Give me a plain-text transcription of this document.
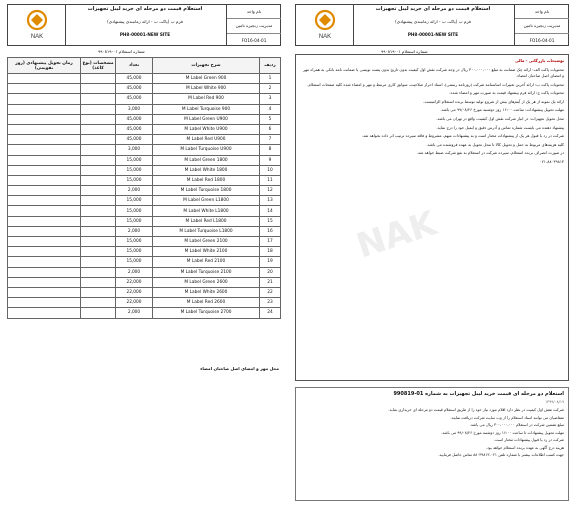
NAK
استعلام قیمت دو مرحله ای خرید لیبل تجهیزات
فرم ب (پاکت ب - ارائه زمانبندی پیشنهادی)
PH8-00001-NEW SITE
نام واحد
مدیریت زنجیره تامین
FO16-04-01
شماره استعلام ۰۱-۹۹۰۸۱۹
زمان تحویل پیشنهادی (روز تقویمی)	مشخصات (نوع کاغذ)	تعداد	شرح تجهیزات	ردیف
		45,000	M Label Green 900	1
		45,000	M Label White 900	2
		45,000	M Label Red 900	3
		3,000	M Label Turquoise 900	4
		45,000	M Label Green U900	5
		45,000	M Label White U900	6
		45,000	M Label Red U900	7
		3,000	M Label Turquoise U900	8
		15,000	M Label Green 1800	9
		15,000	M Label White 1800	10
		15,000	M Label Red 1800	11
		2,000	M Label Turquoise 1800	12
		15,000	M Label Green L1800	13
		15,000	M Label White L1800	14
		15,000	M Label Red L1800	15
		2,000	M Label Turquoise L1800	16
		15,000	M Label Green 2100	17
		15,000	M Label White 2100	18
		15,000	M Label Red 2100	19
		2,000	M Label Turquoise 2100	20
		22,000	M Label Green 2600	21
		22,000	M Label White 2600	22
		22,000	M Label Red 2600	23
		2,000	M Label Turquoise 2700	24
محل مهر و امضای اصل صاحبان امضاء
NAK
استعلام قیمت دو مرحله ای خرید لیبل تجهیزات
فرم ب (پاکت ب - ارائه زمانبندی پیشنهادی)
PH8-00001-NEW SITE
نام واحد
مدیریت زنجیره تامین
FO16-04-01
شماره استعلام ۰۱-۹۹۰۸۱۹

توضیحات بازرگانی - مالی

محتویات پاکت الف: ارائه چک ضمانت به مبلغ ۳۰۰،۰۰۰،۰۰۰ ریال در وجه شرکت نقش اول کیفیت بدون تاریخ بدون پشت نویسی یا ضمانت نامه بانکی به همراه مهر و امضای اصل صاحبان امضاء.

محتویات پاکت ب: ارائه آخرین تغییرات اساسنامه شرکت (روزنامه رسمی)، اسناد احراز صلاحیت، سوابق کاری مرتبط و مهر و امضاء شده کلیه صفحات استعلام.

محتویات پاکت ج: ارائه فرم پیشنهاد قیمت به صورت مهر و امضاء شده.

ارائه یک نمونه از هر یک از آیتم‌های بیش از شروع تولید توسط برنده استعلام الزامیست.

مهلت تحویل پیشنهادات: ساعت ۱۶:۰۰ روز دوشنبه مورخ ۹۹/۰۸/۲۶ می باشد.

محل تحویل تجهیزات: در انبار شرکت نقش اول کیفیت، واقع در تهران می باشد.

پیشنهاد دهنده می بایست شماره تماس و آدرس دقیق و ایمیل خود را درج نماید.

شرکت در رد یا قبول هر یک از پیشنهادات مختار است و به پیشنهادات مبهم، مشروط و فاقد سپرده ترتیب اثر داده نخواهد شد.

کلیه هزینه‌های مربوط به حمل و تحویل کالا تا محل تحویل به عهده فروشنده می باشد.

در صورت انصراف برنده استعلام، سپرده شرکت در استعلام به نفع شرکت ضبط خواهد شد.

۰۲۱-۸۸۰۳۹۸۱۳

NAK
استعلام دو مرحله ای قیمت خرید لیبل تجهیزات به شماره 01-990819
۱۳۹۹/۰۸/۱۹

شرکت نقش اول کیفیت در نظر دارد اقلام مورد نیاز خود را از طریق استعلام قیمت دو مرحله ای خریداری نماید.

متقاضیان می توانند اسناد استعلام را از وب سایت شرکت دریافت نمایند.

مبلغ تضمین شرکت در استعلام ۳۰۰،۰۰۰،۰۰۰ ریال می باشد.

مهلت تحویل پیشنهادات تا ساعت ۱۶:۰۰ روز دوشنبه مورخ ۹۹/۰۸/۲۶ می باشد.

شرکت در رد یا قبول پیشنهادات مختار است.

هزینه درج آگهی به عهده برنده استعلام خواهد بود.

جهت کسب اطلاعات بیشتر با شماره تلفن ۰۲۱-۸۸۰۳۹۸۱۳ تماس حاصل فرمایید.
